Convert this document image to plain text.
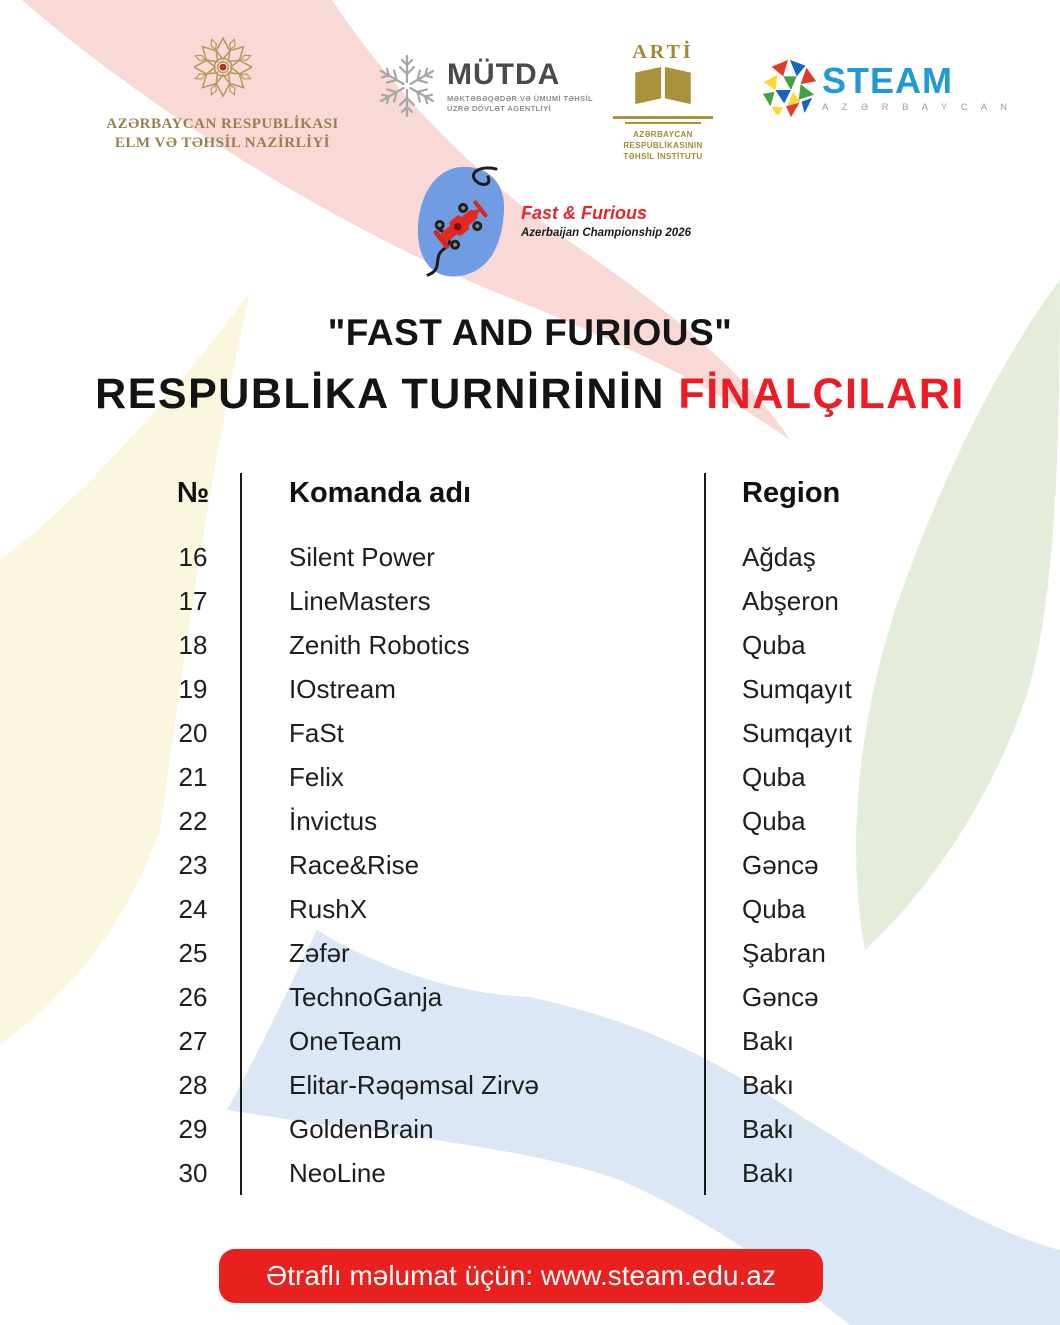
AZƏRBAYCAN RESPUBLİKASI
ELM VƏ TƏHSİL NAZİRLİYİ
MÜTDA
MƏKTƏBƏQƏDƏR VƏ ÜMUMİ TƏHSİL
ÜZRƏ DÖVLƏT AGENTLİYİ
ARTİ
AZƏRBAYCAN RESPUBLİKASININ
TƏHSİL İNSTİTUTU
STEAM
A Z Ə R B A Y C A N
Fast & Furious
Azerbaijan Championship 2026
"FAST AND FURIOUS"
RESPUBLİKA TURNİRİNİN FİNALÇILARI
№	Komanda adı	Region
16	Silent Power	Ağdaş
17	LineMasters	Abşeron
18	Zenith Robotics	Quba
19	IOstream	Sumqayıt
20	FaSt	Sumqayıt
21	Felix	Quba
22	İnvictus	Quba
23	Race&Rise	Gəncə
24	RushX	Quba
25	Zəfər	Şabran
26	TechnoGanja	Gəncə
27	OneTeam	Bakı
28	Elitar-Rəqəmsal Zirvə	Bakı
29	GoldenBrain	Bakı
30	NeoLine	Bakı
Ətraflı məlumat üçün: www.steam.edu.az
